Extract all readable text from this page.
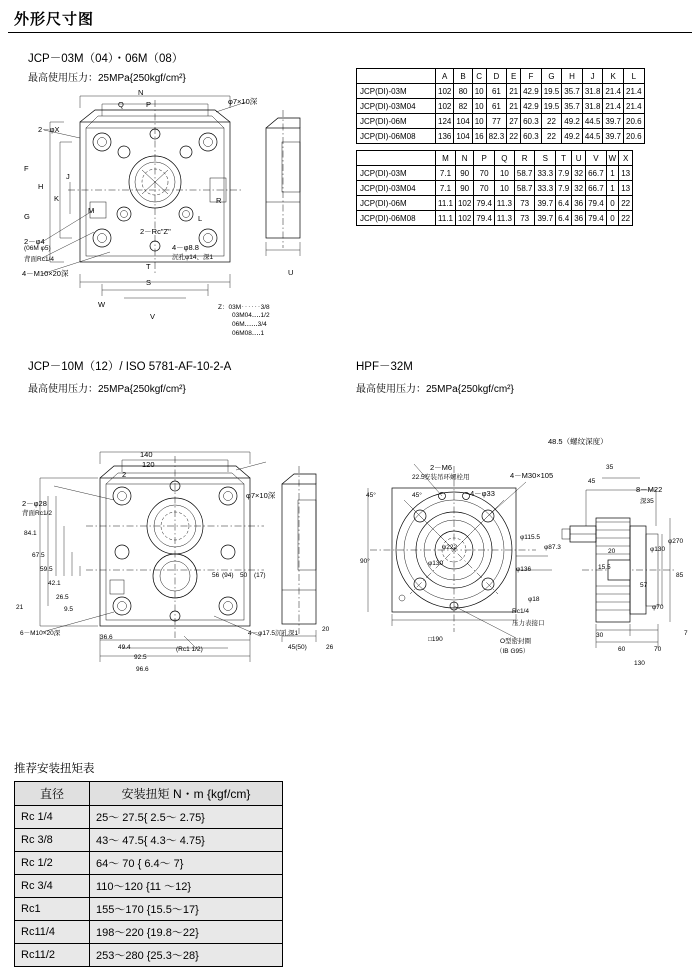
外形尺寸图
JCP－03M（04）・06M（08）
最高使用压力：25MPa{250kgf/cm²}
N
P
Q	φ7×10深
2－φX
2－φ4
(06M φ5)
背面Rc1/4
2－Rc"Z"
4－M10×20深
F
H
K
J
G
M
L
R
T
S
W
V
U
4－φ8.8
沉孔φ14、深1
Z：03M‥‥‥3/8
03M04‥‥1/2
06M‥‥‥3/4
06M08‥‥1
	A	B	C	D	E	F	G	H	J	K	L
JCP(DI)-03M	102	80	10	61	21	42.9	19.5	35.7	31.8	21.4	21.4
JCP(DI)-03M04	102	82	10	61	21	42.9	19.5	35.7	31.8	21.4	21.4
JCP(DI)-06M	124	104	10	77	27	60.3	22	49.2	44.5	39.7	20.6
JCP(DI)-06M08	136	104	16	82.3	22	60.3	22	49.2	44.5	39.7	20.6
	M	N	P	Q	R	S	T	U	V	W	X
JCP(DI)-03M	7.1	90	70	10	58.7	33.3	7.9	32	66.7	1	13
JCP(DI)-03M04	7.1	90	70	10	58.7	33.3	7.9	32	66.7	1	13
JCP(DI)-06M	11.1	102	79.4	11.3	73	39.7	6.4	36	79.4	0	22
JCP(DI)-06M08	11.1	102	79.4	11.3	73	39.7	6.4	36	79.4	0	22
JCP－10M（12）/ ISO 5781-AF-10-2-A
最高使用压力：25MPa{250kgf/cm²}
HPF－32M
最高使用压力：25MPa{250kgf/cm²}
140
120
2
φ7×10深
2－φ28
背面Rc1/2
84.1
67.5
59.5
42.1
26.5
9.5
21
36.6
49.4
92.5
96.6
6－M10×20深
(Rc1 1/2)
4－φ17.5沉孔深1
56 (94) 50 (17)
20
45(50)	26
48.5（螺纹深度）
35
45
4－M30×105
8－M22
深35
2－M6
安装吊环螺栓用
4－φ33
22.5°
45°
45°
90°
φ222
φ130
φ115.5
φ87.3
φ136
φ18
Rc1/4
压力表接口
□190	O型密封圈
（IB G95）
φ270
φ130
φ70
20
85
15.5
30
60	70
130
7
57
推荐安装扭矩表
直径	安装扭矩 N・m {kgf/cm}
Rc 1/4	25～ 27.5{ 2.5～ 2.75}
Rc 3/8	43～ 47.5{ 4.3～ 4.75}
Rc 1/2	64～ 70 { 6.4～ 7}
Rc 3/4	110～120 {11 ～12}
Rc1	155～170 {15.5～17}
Rc11/4	198～220 {19.8～22}
Rc11/2	253～280 {25.3～28}
